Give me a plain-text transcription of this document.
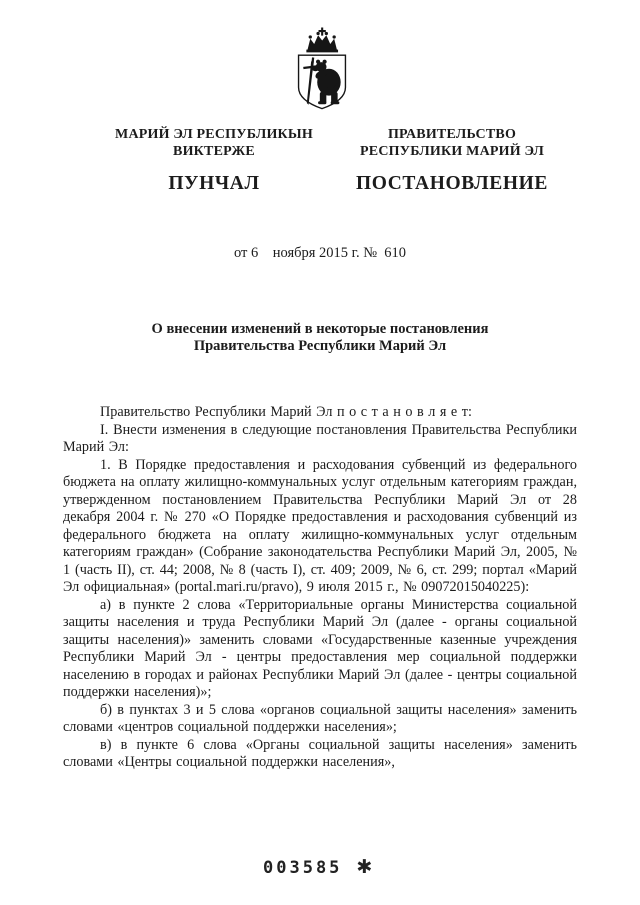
МАРИЙ ЭЛ РЕСПУБЛИКЫН
ВИКТЕРЖЕ
ПУНЧАЛ
ПРАВИТЕЛЬСТВО
РЕСПУБЛИКИ МАРИЙ ЭЛ
ПОСТАНОВЛЕНИЕ
от 6    ноября 2015 г. №  610
О внесении изменений в некоторые постановления
Правительства Республики Марий Эл

Правительство Республики Марий Эл п о с т а н о в л я е т:

I. Внести изменения в следующие постановления Правительства Республики Марий Эл:

1. В Порядке предоставления и расходования субвенций из федерального бюджета на оплату жилищно-коммунальных услуг отдельным категориям граждан, утвержденном постановлением Правительства Республики Марий Эл от 28 декабря 2004 г. № 270 «О Порядке предоставления и расходования субвенций из федерального бюджета на оплату жилищно-коммунальных услуг отдельным категориям граждан» (Собрание законодательства Республики Марий Эл, 2005, № 1 (часть II), ст. 44; 2008, № 8 (часть I), ст. 409; 2009, № 6, ст. 299; портал «Марий Эл официальная» (portal.mari.ru/pravo), 9 июля 2015 г., № 09072015040225):

а) в пункте 2 слова «Территориальные органы Министерства социальной защиты населения и труда Республики Марий Эл (далее - органы социальной защиты населения)» заменить словами «Государственные казенные учреждения Республики Марий Эл - центры предоставления мер социальной поддержки населению в городах и районах Республики Марий Эл (далее - центры социальной поддержки населения)»;

б) в пунктах 3 и 5 слова «органов социальной защиты населения» заменить словами «центров социальной поддержки населения»;

в) в пункте 6 слова «Органы социальной защиты населения» заменить словами «Центры социальной поддержки населения»,

003585 ✱
